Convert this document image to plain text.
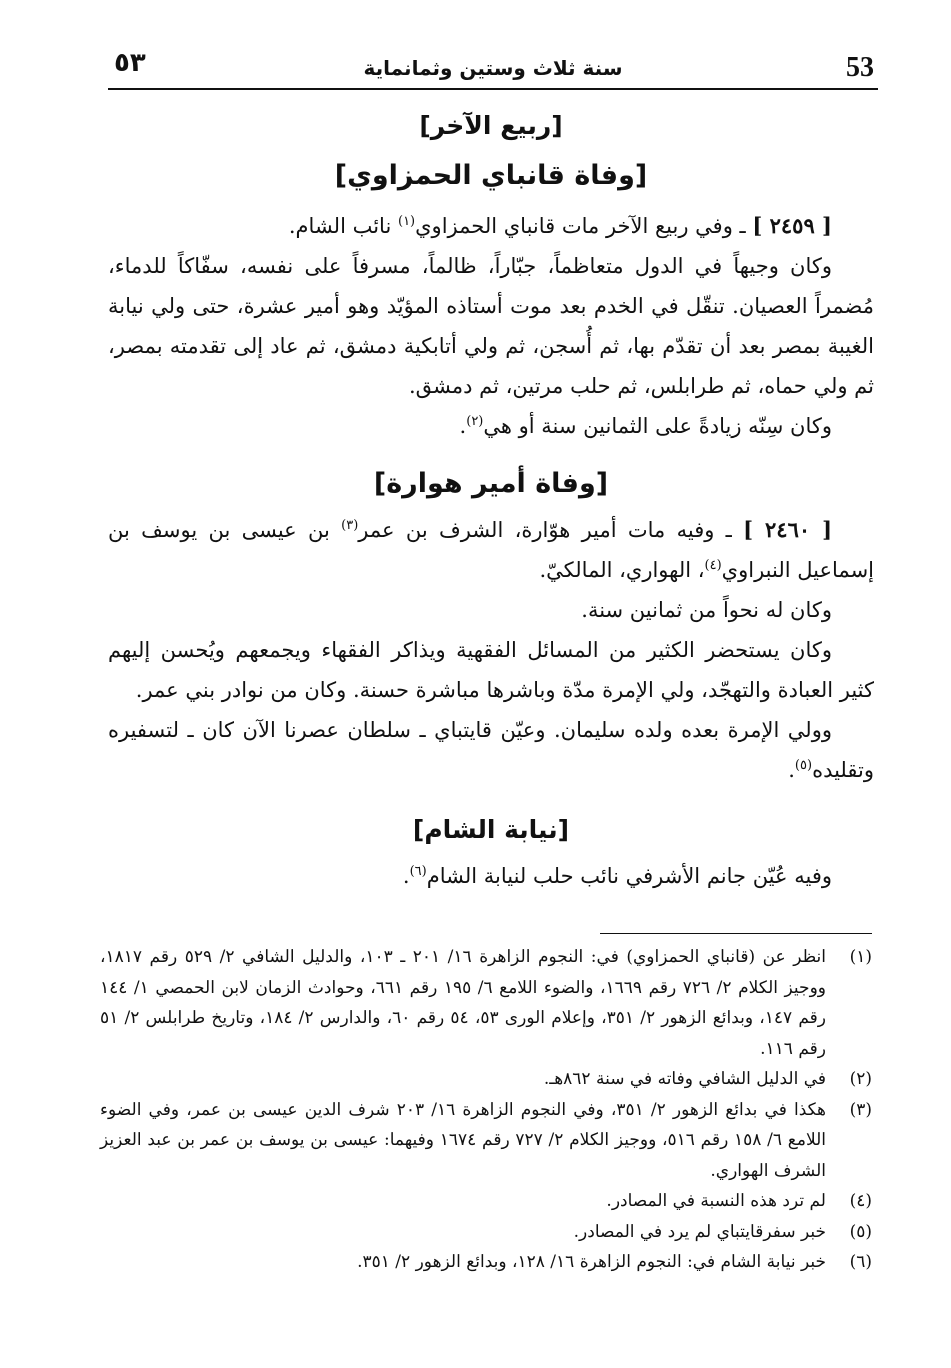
53
سنة ثلاث وستين وثمانماية
٥٣

[ربيع الآخر]

[وفاة قانباي الحمزاوي]

[ ٢٤٥٩ ] ـ وفي ربيع الآخر مات قانباي الحمزاوي$^{(١)}$ نائب الشام.

وكان وجيهاً في الدول متعاظماً، جبّاراً، ظالماً، مسرفاً على نفسه، سفّاكاً للدماء، مُضمراً العصيان. تنقّل في الخدم بعد موت أستاذه المؤيّد وهو أمير عشرة، حتى ولي نيابة الغيبة بمصر بعد أن تقدّم بها، ثم أُسجن، ثم ولي أتابكية دمشق، ثم عاد إلى تقدمته بمصر، ثم ولي حماه، ثم طرابلس، ثم حلب مرتين، ثم دمشق.

وكان سِنّه زيادةً على الثمانين سنة أو هي$^{(٢)}$.

[وفاة أمير هوارة]

[ ٢٤٦٠ ] ـ وفيه مات أمير هوّارة، الشرف بن عمر$^{(٣)}$ بن عيسى بن يوسف بن إسماعيل النبراوي$^{(٤)}$، الهواري، المالكيّ.

وكان له نحواً من ثمانين سنة.

وكان يستحضر الكثير من المسائل الفقهية ويذاكر الفقهاء ويجمعهم ويُحسن إليهم كثير العبادة والتهجّد، ولي الإمرة مدّة وباشرها مباشرة حسنة. وكان من نوادر بني عمر.

وولي الإمرة بعده ولده سليمان. وعيّن قايتباي ـ سلطان عصرنا الآن كان ـ لتسفيره وتقليده$^{(٥)}$.

[نيابة الشام]

وفيه عُيّن جانم الأشرفي نائب حلب لنيابة الشام$^{(٦)}$.

(١)
انظر عن (قانباي الحمزاوي) في: النجوم الزاهرة ١٦/ ٢٠١ ـ ١٠٣، والدليل الشافي ٢/ ٥٢٩ رقم ١٨١٧، ووجيز الكلام ٢/ ٧٢٦ رقم ١٦٦٩، والضوء اللامع ٦/ ١٩٥ رقم ٦٦١، وحوادث الزمان لابن الحمصي ١/ ١٤٤ رقم ١٤٧، وبدائع الزهور ٢/ ٣٥١، وإعلام الورى ٥٣، ٥٤ رقم ٦٠، والدارس ٢/ ١٨٤، وتاريخ طرابلس ٢/ ٥١ رقم ١١٦.

(٢)
في الدليل الشافي وفاته في سنة ٨٦٢هـ.

(٣)
هكذا في بدائع الزهور ٢/ ٣٥١، وفي النجوم الزاهرة ١٦/ ٢٠٣ شرف الدين عيسى بن عمر، وفي الضوء اللامع ٦/ ١٥٨ رقم ٥١٦، ووجيز الكلام ٢/ ٧٢٧ رقم ١٦٧٤ وفيهما: عيسى بن يوسف بن عمر بن عبد العزيز الشرف الهواري.

(٤)
لم ترد هذه النسبة في المصادر.

(٥)
خبر سفرقايتباي لم يرد في المصادر.

(٦)
خبر نيابة الشام في: النجوم الزاهرة ١٦/ ١٢٨، وبدائع الزهور ٢/ ٣٥١.
